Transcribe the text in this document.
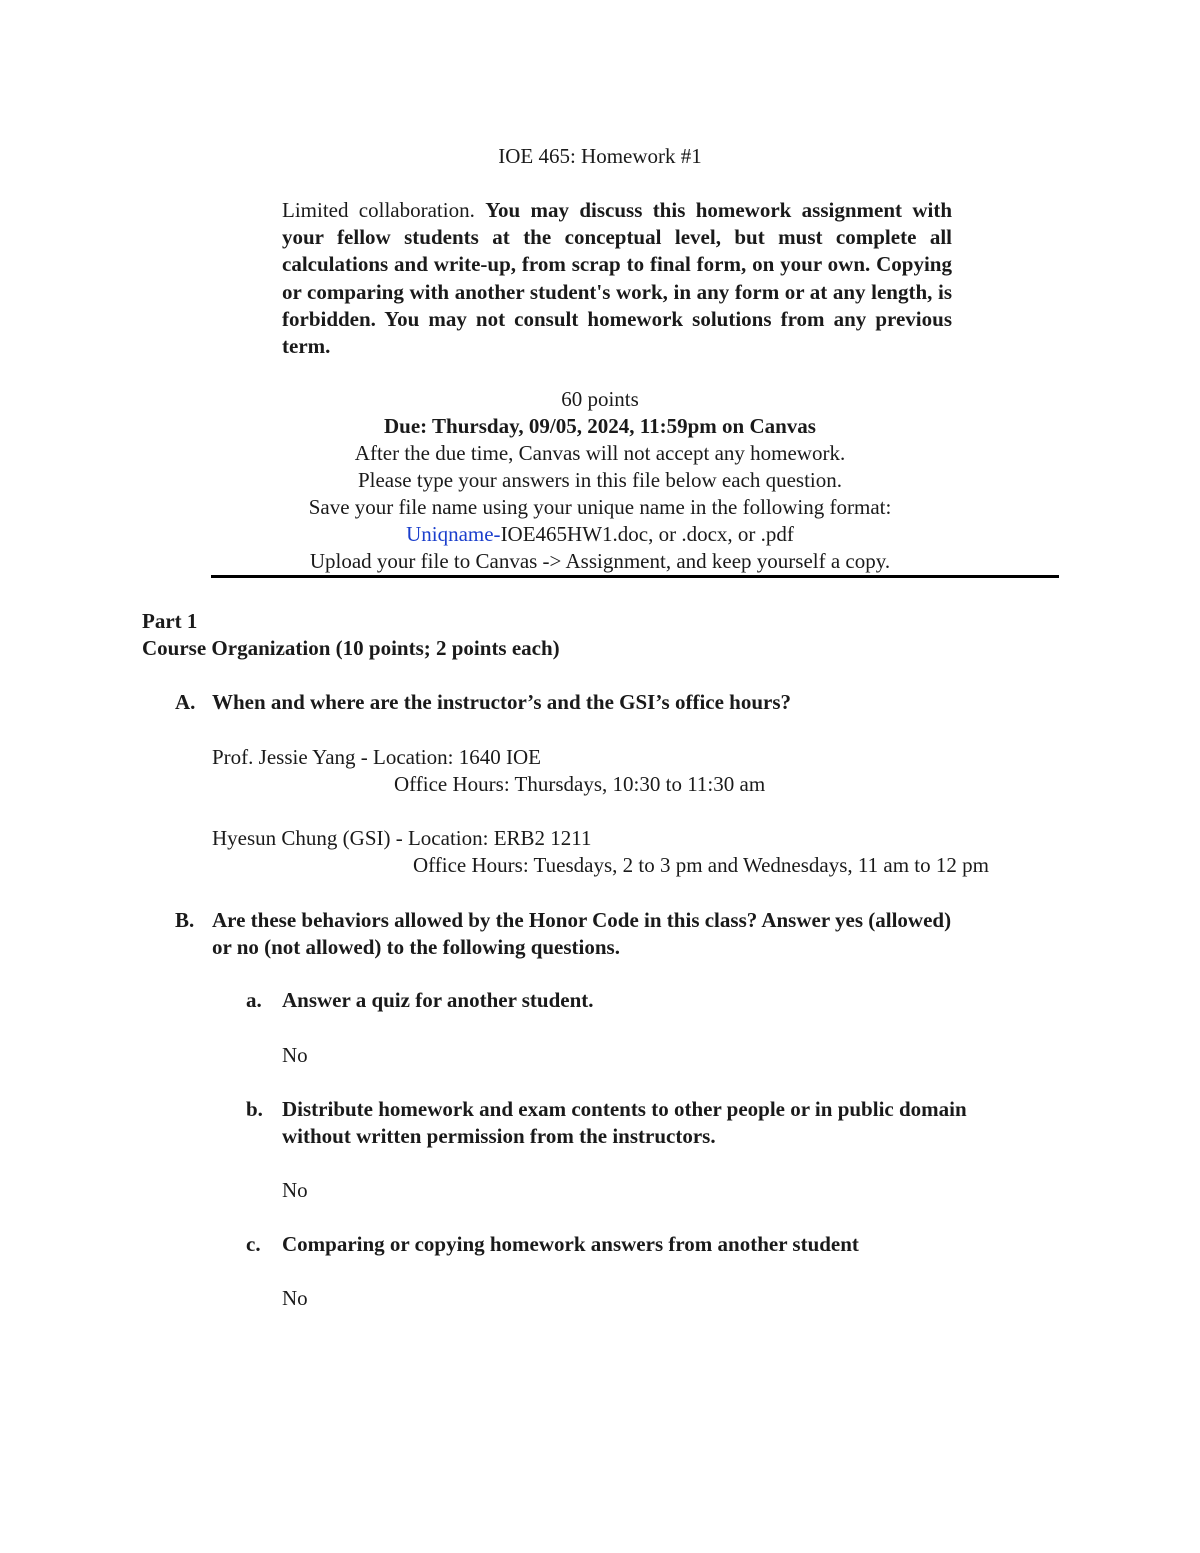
IOE 465: Homework #1
Limited collaboration. You may discuss this homework assignment with your fellow students at the conceptual level, but must complete all calculations and write-up, from scrap to final form, on your own. Copying or comparing with another student's work, in any form or at any length, is forbidden. You may not consult homework solutions from any previous term.
60 points
Due: Thursday, 09/05, 2024, 11:59pm on Canvas
After the due time, Canvas will not accept any homework.
Please type your answers in this file below each question.
Save your file name using your unique name in the following format:
Uniqname-IOE465HW1.doc, or .docx, or .pdf
Upload your file to Canvas -> Assignment, and keep yourself a copy.
Part 1
Course Organization (10 points; 2 points each)
A. When and where are the instructor’s and the GSI’s office hours?
Prof. Jessie Yang - Location: 1640 IOE
Office Hours: Thursdays, 10:30 to 11:30 am
Hyesun Chung (GSI) - Location: ERB2 1211
Office Hours: Tuesdays, 2 to 3 pm and Wednesdays, 11 am to 12 pm
B. Are these behaviors allowed by the Honor Code in this class? Answer yes (allowed)
or no (not allowed) to the following questions.
a. Answer a quiz for another student.
No
b. Distribute homework and exam contents to other people or in public domain
without written permission from the instructors.
No
c. Comparing or copying homework answers from another student
No
